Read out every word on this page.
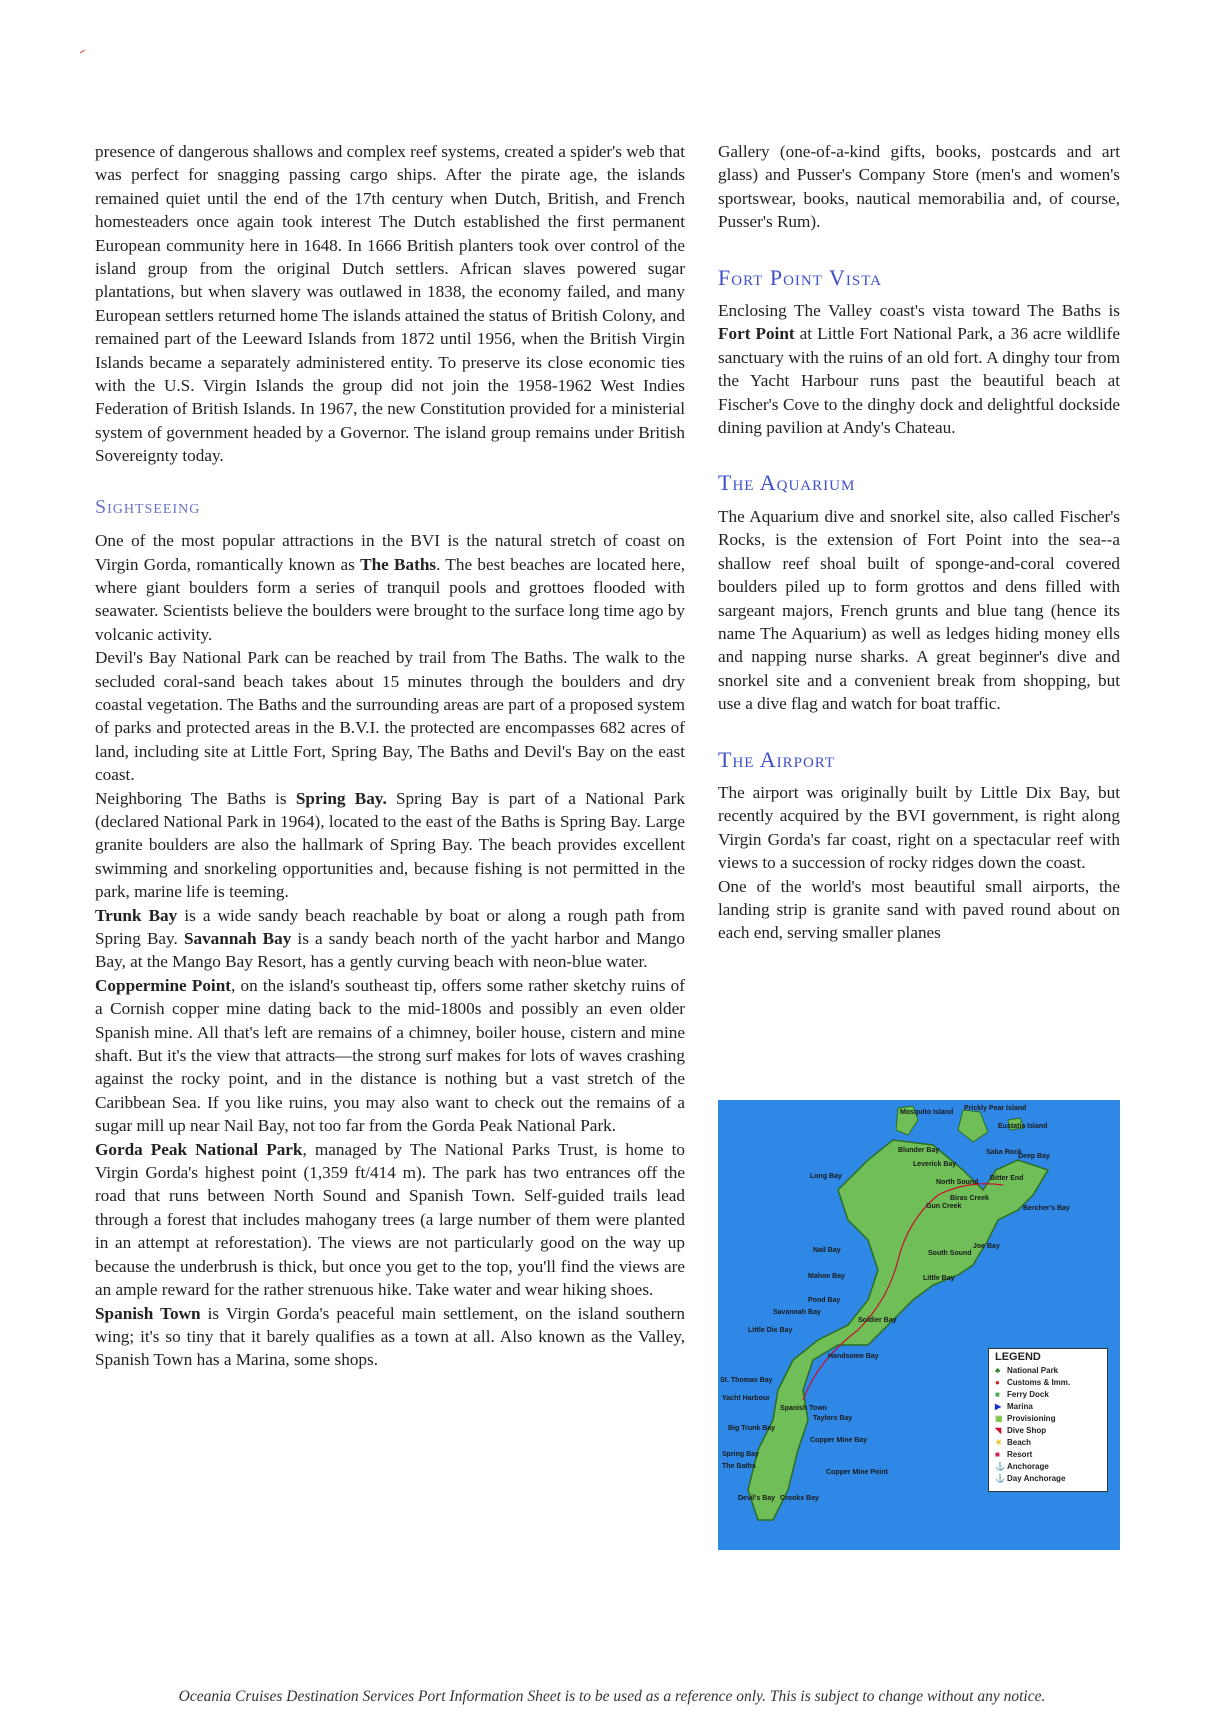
presence of dangerous shallows and complex reef systems, created a spider's web that was perfect for snagging passing cargo ships. After the pirate age, the islands remained quiet until the end of the 17th century when Dutch, British, and French homesteaders once again took interest The Dutch established the first permanent European community here in 1648. In 1666 British planters took over control of the island group from the original Dutch settlers. African slaves powered sugar plantations, but when slavery was outlawed in 1838, the economy failed, and many European settlers returned home The islands attained the status of British Colony, and remained part of the Leeward Islands from 1872 until 1956, when the British Virgin Islands became a separately administered entity. To preserve its close economic ties with the U.S. Virgin Islands the group did not join the 1958-1962 West Indies Federation of British Islands. In 1967, the new Constitution provided for a ministerial system of government headed by a Governor. The island group remains under British Sovereignty today.

Sightseeing

One of the most popular attractions in the BVI is the natural stretch of coast on Virgin Gorda, romantically known as The Baths. The best beaches are located here, where giant boulders form a series of tranquil pools and grottoes flooded with seawater. Scientists believe the boulders were brought to the surface long time ago by volcanic activity.

Devil's Bay National Park can be reached by trail from The Baths. The walk to the secluded coral-sand beach takes about 15 minutes through the boulders and dry coastal vegetation. The Baths and the surrounding areas are part of a proposed system of parks and protected areas in the B.V.I. the protected are encompasses 682 acres of land, including site at Little Fort, Spring Bay, The Baths and Devil's Bay on the east coast.

Neighboring The Baths is Spring Bay. Spring Bay is part of a National Park (declared National Park in 1964), located to the east of the Baths is Spring Bay. Large granite boulders are also the hallmark of Spring Bay. The beach provides excellent swimming and snorkeling opportunities and, because fishing is not permitted in the park, marine life is teeming.

Trunk Bay is a wide sandy beach reachable by boat or along a rough path from Spring Bay. Savannah Bay is a sandy beach north of the yacht harbor and Mango Bay, at the Mango Bay Resort, has a gently curving beach with neon-blue water.

Coppermine Point, on the island's southeast tip, offers some rather sketchy ruins of a Cornish copper mine dating back to the mid-1800s and possibly an even older Spanish mine. All that's left are remains of a chimney, boiler house, cistern and mine shaft. But it's the view that attracts—the strong surf makes for lots of waves crashing against the rocky point, and in the distance is nothing but a vast stretch of the Caribbean Sea. If you like ruins, you may also want to check out the remains of a sugar mill up near Nail Bay, not too far from the Gorda Peak National Park.

Gorda Peak National Park, managed by The National Parks Trust, is home to Virgin Gorda's highest point (1,359 ft/414 m). The park has two entrances off the road that runs between North Sound and Spanish Town. Self-guided trails lead through a forest that includes mahogany trees (a large number of them were planted in an attempt at reforestation). The views are not particularly good on the way up because the underbrush is thick, but once you get to the top, you'll find the views are an ample reward for the rather strenuous hike. Take water and wear hiking shoes.

Spanish Town is Virgin Gorda's peaceful main settlement, on the island southern wing; it's so tiny that it barely qualifies as a town at all. Also known as the Valley, Spanish Town has a Marina, some shops.

Gallery (one-of-a-kind gifts, books, postcards and art glass) and Pusser's Company Store (men's and women's sportswear, books, nautical memorabilia and, of course, Pusser's Rum).

Fort Point Vista

Enclosing The Valley coast's vista toward The Baths is Fort Point at Little Fort National Park, a 36 acre wildlife sanctuary with the ruins of an old fort. A dinghy tour from the Yacht Harbour runs past the beautiful beach at Fischer's Cove to the dinghy dock and delightful dockside dining pavilion at Andy's Chateau.

The Aquarium

The Aquarium dive and snorkel site, also called Fischer's Rocks, is the extension of Fort Point into the sea--a shallow reef shoal built of sponge-and-coral covered boulders piled up to form grottos and dens filled with sargeant majors, French grunts and blue tang (hence its name The Aquarium) as well as ledges hiding money ells and napping nurse sharks. A great beginner's dive and snorkel site and a convenient break from shopping, but use a dive flag and watch for boat traffic.

The Airport

The airport was originally built by Little Dix Bay, but recently acquired by the BVI government, is right along Virgin Gorda's far coast, right on a spectacular reef with views to a succession of rocky ridges down the coast.

One of the world's most beautiful small airports, the landing strip is granite sand with paved round about on each end, serving smaller planes

Mosquito Island
Prickly Pear Island
Eustatia Island
Blunder Bay	Saba Rock
Deep Bay
Leverick Bay
Long Bay
North Sound
Bitter End
Biras Creek
Gun Creek	Bercher's Bay
Nail Bay	South Sound
Joe Bay
Little Bay
Mahoe Bay
Pond Bay
Savannah Bay
Soldier Bay
Little Dix Bay
Handsome Bay
St. Thomas Bay
Yacht Harbour
Spanish Town
Taylors Bay
Big Trunk Bay
Copper Mine Bay
Spring Bay
The Baths
Copper Mine Point
Devil's Bay Crooks Bay
LEGEND
♣ National Park
● Customs & Imm.
■ Ferry Dock
▶ Marina
▣ Provisioning
◥ Dive Shop
☀ Beach
■ Resort
⚓ Anchorage
⚓ Day Anchorage
Oceania Cruises Destination Services Port Information Sheet is to be used as a reference only. This is subject to change without any notice.
